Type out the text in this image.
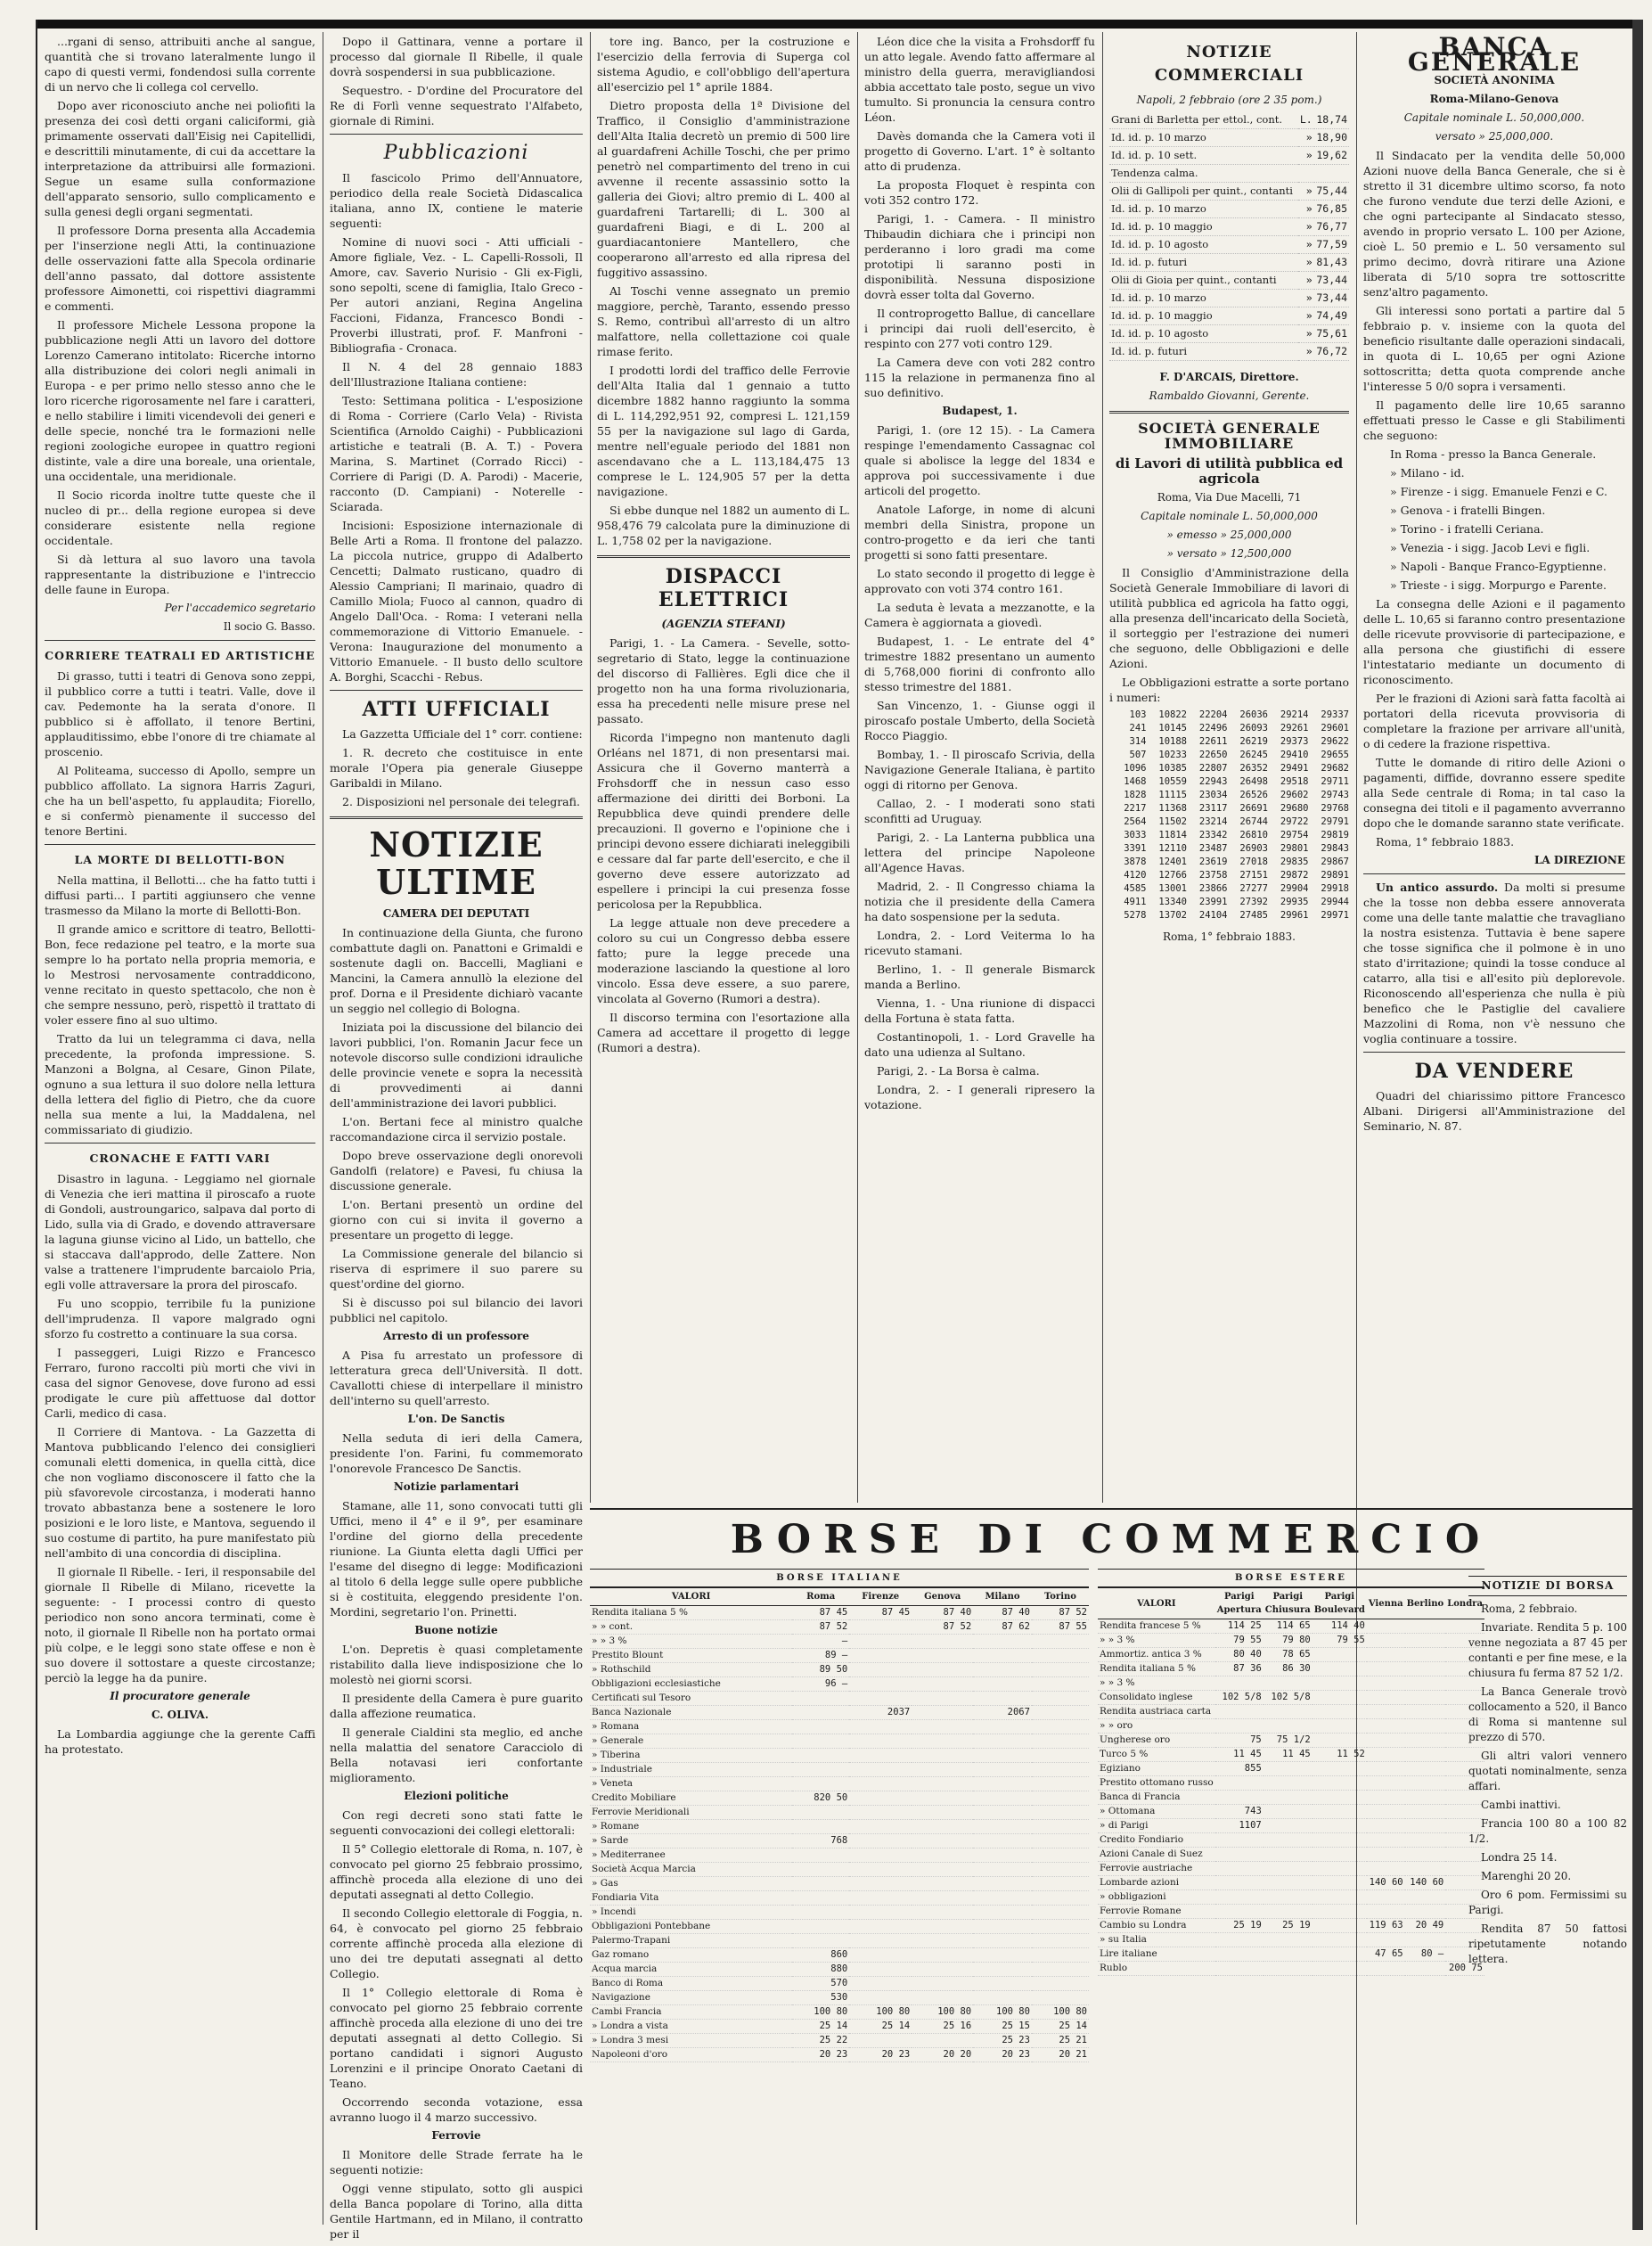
...rgani di senso, attribuiti anche al sangue, quantità che si trovano lateralmente lungo il capo di questi vermi, fondendosi sulla corrente di un nervo che li collega col cervello.

Dopo aver riconosciuto anche nei poliofiti la presenza dei così detti organi caliciformi, già primamente osservati dall'Eisig nei Capitellidi, e descrittili minutamente, di cui da accettare la interpretazione da attribuirsi alle formazioni. Segue un esame sulla conformazione dell'apparato sensorio, sullo complicamento e sulla genesi degli organi segmentati.

Il professore Dorna presenta alla Accademia per l'inserzione negli Atti, la continuazione delle osservazioni fatte alla Specola ordinarie dell'anno passato, dal dottore assistente professore Aimonetti, coi rispettivi diagrammi e commenti.

Il professore Michele Lessona propone la pubblicazione negli Atti un lavoro del dottore Lorenzo Camerano intitolato: Ricerche intorno alla distribuzione dei colori negli animali in Europa - e per primo nello stesso anno che le loro ricerche rigorosamente nel fare i caratteri, e nello stabilire i limiti vicendevoli dei generi e delle specie, nonché tra le formazioni nelle regioni zoologiche europee in quattro regioni distinte, vale a dire una boreale, una orientale, una occidentale, una meridionale.

Il Socio ricorda inoltre tutte queste che il nucleo di pr... della regione europea si deve considerare esistente nella regione occidentale.

Si dà lettura al suo lavoro una tavola rappresentante la distribuzione e l'intreccio delle faune in Europa.

Per l'accademico segretario
Il socio G. Basso.
CORRIERE TEATRALI ED ARTISTICHE

Di grasso, tutti i teatri di Genova sono zeppi, il pubblico corre a tutti i teatri. Valle, dove il cav. Pedemonte ha la serata d'onore. Il pubblico si è affollato, il tenore Bertini, applauditissimo, ebbe l'onore di tre chiamate al proscenio.

Al Politeama, successo di Apollo, sempre un pubblico affollato. La signora Harris Zaguri, che ha un bell'aspetto, fu applaudita; Fiorello, e si confermò pienamente il successo del tenore Bertini.

LA MORTE DI BELLOTTI-BON

Nella mattina, il Bellotti... che ha fatto tutti i diffusi parti... I partiti aggiunsero che venne trasmesso da Milano la morte di Bellotti-Bon.

Il grande amico e scrittore di teatro, Bellotti-Bon, fece redazione pel teatro, e la morte sua sempre lo ha portato nella propria memoria, e lo Mestrosi nervosamente contraddicono, venne recitato in questo spettacolo, che non è che sempre nessuno, però, rispettò il trattato di voler essere fino al suo ultimo.

Tratto da lui un telegramma ci dava, nella precedente, la profonda impressione. S. Manzoni a Bolgna, al Cesare, Ginon Pilate, ognuno a sua lettura il suo dolore nella lettura della lettera del figlio di Pietro, che da cuore nella sua mente a lui, la Maddalena, nel commissariato di giudizio.

CRONACHE E FATTI VARI

Disastro in laguna. - Leggiamo nel giornale di Venezia che ieri mattina il piroscafo a ruote di Gondoli, austroungarico, salpava dal porto di Lido, sulla via di Grado, e dovendo attraversare la laguna giunse vicino al Lido, un battello, che si staccava dall'approdo, delle Zattere. Non valse a trattenere l'imprudente barcaiolo Pria, egli volle attraversare la prora del piroscafo.

Fu uno scoppio, terribile fu la punizione dell'imprudenza. Il vapore malgrado ogni sforzo fu costretto a continuare la sua corsa.

I passeggeri, Luigi Rizzo e Francesco Ferraro, furono raccolti più morti che vivi in casa del signor Genovese, dove furono ad essi prodigate le cure più affettuose dal dottor Carli, medico di casa.

Il Corriere di Mantova. - La Gazzetta di Mantova pubblicando l'elenco dei consiglieri comunali eletti domenica, in quella città, dice che non vogliamo disconoscere il fatto che la più sfavorevole circostanza, i moderati hanno trovato abbastanza bene a sostenere le loro posizioni e le loro liste, e Mantova, seguendo il suo costume di partito, ha pure manifestato più nell'ambito di una concordia di disciplina.

Il giornale Il Ribelle. - Ieri, il responsabile del giornale Il Ribelle di Milano, ricevette la seguente: - I processi contro di questo periodico non sono ancora terminati, come è noto, il giornale Il Ribelle non ha portato ormai più colpe, e le leggi sono state offese e non è suo dovere il sottostare a queste circostanze; perciò la legge ha da punire.

Il procuratore generale
C. OLIVA.

La Lombardia aggiunge che la gerente Caffi ha protestato.

Dopo il Gattinara, venne a portare il processo dal giornale Il Ribelle, il quale dovrà sospendersi in sua pubblicazione.

Sequestro. - D'ordine del Procuratore del Re di Forlì venne sequestrato l'Alfabeto, giornale di Rimini.

Pubblicazioni

Il fascicolo Primo dell'Annuatore, periodico della reale Società Didascalica italiana, anno IX, contiene le materie seguenti:

Nomine di nuovi soci - Atti ufficiali - Amore figliale, Vez. - L. Capelli-Rossoli, Il Amore, cav. Saverio Nurisio - Gli ex-Figli, sono sepolti, scene di famiglia, Italo Greco - Per autori anziani, Regina Angelina Faccioni, Fidanza, Francesco Bondi - Proverbi illustrati, prof. F. Manfroni - Bibliografia - Cronaca.

Il N. 4 del 28 gennaio 1883 dell'Illustrazione Italiana contiene:

Testo: Settimana politica - L'esposizione di Roma - Corriere (Carlo Vela) - Rivista Scientifica (Arnoldo Caighi) - Pubblicazioni artistiche e teatrali (B. A. T.) - Povera Marina, S. Martinet (Corrado Ricci) - Corriere di Parigi (D. A. Parodi) - Macerie, racconto (D. Campiani) - Noterelle - Sciarada.

Incisioni: Esposizione internazionale di Belle Arti a Roma. Il frontone del palazzo. La piccola nutrice, gruppo di Adalberto Cencetti; Dalmato rusticano, quadro di Alessio Campriani; Il marinaio, quadro di Camillo Miola; Fuoco al cannon, quadro di Angelo Dall'Oca. - Roma: I veterani nella commemorazione di Vittorio Emanuele. - Verona: Inaugurazione del monumento a Vittorio Emanuele. - Il busto dello scultore A. Borghi, Scacchi - Rebus.

ATTI UFFICIALI

La Gazzetta Ufficiale del 1° corr. contiene:

1. R. decreto che costituisce in ente morale l'Opera pia generale Giuseppe Garibaldi in Milano.

2. Disposizioni nel personale dei telegrafi.

NOTIZIE ULTIME
CAMERA DEI DEPUTATI

In continuazione della Giunta, che furono combattute dagli on. Panattoni e Grimaldi e sostenute dagli on. Baccelli, Magliani e Mancini, la Camera annullò la elezione del prof. Dorna e il Presidente dichiarò vacante un seggio nel collegio di Bologna.

Iniziata poi la discussione del bilancio dei lavori pubblici, l'on. Romanin Jacur fece un notevole discorso sulle condizioni idrauliche delle provincie venete e sopra la necessità di provvedimenti ai danni dell'amministrazione dei lavori pubblici.

L'on. Bertani fece al ministro qualche raccomandazione circa il servizio postale.

Dopo breve osservazione degli onorevoli Gandolfi (relatore) e Pavesi, fu chiusa la discussione generale.

L'on. Bertani presentò un ordine del giorno con cui si invita il governo a presentare un progetto di legge.

La Commissione generale del bilancio si riserva di esprimere il suo parere su quest'ordine del giorno.

Si è discusso poi sul bilancio dei lavori pubblici nel capitolo.

Arresto di un professore

A Pisa fu arrestato un professore di letteratura greca dell'Università. Il dott. Cavallotti chiese di interpellare il ministro dell'interno su quell'arresto.

L'on. De Sanctis

Nella seduta di ieri della Camera, presidente l'on. Farini, fu commemorato l'onorevole Francesco De Sanctis.

Notizie parlamentari

Stamane, alle 11, sono convocati tutti gli Uffici, meno il 4° e il 9°, per esaminare l'ordine del giorno della precedente riunione. La Giunta eletta dagli Uffici per l'esame del disegno di legge: Modificazioni al titolo 6 della legge sulle opere pubbliche si è costituita, eleggendo presidente l'on. Mordini, segretario l'on. Prinetti.

Buone notizie

L'on. Depretis è quasi completamente ristabilito dalla lieve indisposizione che lo molestò nei giorni scorsi.

Il presidente della Camera è pure guarito dalla affezione reumatica.

Il generale Cialdini sta meglio, ed anche nella malattia del senatore Caracciolo di Bella notavasi ieri confortante miglioramento.

Elezioni politiche

Con regi decreti sono stati fatte le seguenti convocazioni dei collegi elettorali:

Il 5° Collegio elettorale di Roma, n. 107, è convocato pel giorno 25 febbraio prossimo, affinchè proceda alla elezione di uno dei deputati assegnati al detto Collegio.

Il secondo Collegio elettorale di Foggia, n. 64, è convocato pel giorno 25 febbraio corrente affinchè proceda alla elezione di uno dei tre deputati assegnati al detto Collegio.

Il 1° Collegio elettorale di Roma è convocato pel giorno 25 febbraio corrente affinchè proceda alla elezione di uno dei tre deputati assegnati al detto Collegio. Si portano candidati i signori Augusto Lorenzini e il principe Onorato Caetani di Teano.

Occorrendo seconda votazione, essa avranno luogo il 4 marzo successivo.

Ferrovie

Il Monitore delle Strade ferrate ha le seguenti notizie:

Oggi venne stipulato, sotto gli auspici della Banca popolare di Torino, alla ditta Gentile Hartmann, ed in Milano, il contratto per il

tore ing. Banco, per la costruzione e l'esercizio della ferrovia di Superga col sistema Agudio, e coll'obbligo dell'apertura all'esercizio pel 1° aprile 1884.

Dietro proposta della 1ª Divisione del Traffico, il Consiglio d'amministrazione dell'Alta Italia decretò un premio di 500 lire al guardafreni Achille Toschi, che per primo penetrò nel compartimento del treno in cui avvenne il recente assassinio sotto la galleria dei Giovi; altro premio di L. 400 al guardafreni Tartarelli; di L. 300 al guardafreni Biagi, e di L. 200 al guardiacantoniere Mantellero, che cooperarono all'arresto ed alla ripresa del fuggitivo assassino.

Al Toschi venne assegnato un premio maggiore, perchè, Taranto, essendo presso S. Remo, contribuì all'arresto di un altro malfattore, nella collettazione coi quale rimase ferito.

I prodotti lordi del traffico delle Ferrovie dell'Alta Italia dal 1 gennaio a tutto dicembre 1882 hanno raggiunto la somma di L. 114,292,951 92, compresi L. 121,159 55 per la navigazione sul lago di Garda, mentre nell'eguale periodo del 1881 non ascendavano che a L. 113,184,475 13 comprese le L. 124,905 57 per la detta navigazione.

Si ebbe dunque nel 1882 un aumento di L. 958,476 79 calcolata pure la diminuzione di L. 1,758 02 per la navigazione.

DISPACCI ELETTRICI
(AGENZIA STEFANI)

Parigi, 1. - La Camera. - Sevelle, sotto-segretario di Stato, legge la continuazione del discorso di Fallières. Egli dice che il progetto non ha una forma rivoluzionaria, essa ha precedenti nelle misure prese nel passato.

Ricorda l'impegno non mantenuto dagli Orléans nel 1871, di non presentarsi mai. Assicura che il Governo manterrà a Frohsdorff che in nessun caso esso affermazione dei diritti dei Borboni. La Repubblica deve quindi prendere delle precauzioni. Il governo e l'opinione che i principi devono essere dichiarati ineleggibili e cessare dal far parte dell'esercito, e che il governo deve essere autorizzato ad espellere i principi la cui presenza fosse pericolosa per la Repubblica.

La legge attuale non deve precedere a coloro su cui un Congresso debba essere fatto; pure la legge precede una moderazione lasciando la questione al loro vincolo. Essa deve essere, a suo parere, vincolata al Governo (Rumori a destra).

Il discorso termina con l'esortazione alla Camera ad accettare il progetto di legge (Rumori a destra).

Léon dice che la visita a Frohsdorff fu un atto legale. Avendo fatto affermare al ministro della guerra, meravigliandosi abbia accettato tale posto, segue un vivo tumulto. Si pronuncia la censura contro Léon.

Davès domanda che la Camera voti il progetto di Governo. L'art. 1° è soltanto atto di prudenza.

La proposta Floquet è respinta con voti 352 contro 172.

Parigi, 1. - Camera. - Il ministro Thibaudin dichiara che i principi non perderanno i loro gradi ma come prototipi li saranno posti in disponibilità. Nessuna disposizione dovrà esser tolta dal Governo.

Il controprogetto Ballue, di cancellare i principi dai ruoli dell'esercito, è respinto con 277 voti contro 129.

La Camera deve con voti 282 contro 115 la relazione in permanenza fino al suo definitivo.

Budapest, 1.

Parigi, 1. (ore 12 15). - La Camera respinge l'emendamento Cassagnac col quale si abolisce la legge del 1834 e approva poi successivamente i due articoli del progetto.

Anatole Laforge, in nome di alcuni membri della Sinistra, propone un contro-progetto e da ieri che tanti progetti si sono fatti presentare.

Lo stato secondo il progetto di legge è approvato con voti 374 contro 161.

La seduta è levata a mezzanotte, e la Camera è aggiornata a giovedì.

Budapest, 1. - Le entrate del 4° trimestre 1882 presentano un aumento di 5,768,000 fiorini di confronto allo stesso trimestre del 1881.

San Vincenzo, 1. - Giunse oggi il piroscafo postale Umberto, della Società Rocco Piaggio.

Bombay, 1. - Il piroscafo Scrivia, della Navigazione Generale Italiana, è partito oggi di ritorno per Genova.

Callao, 2. - I moderati sono stati sconfitti ad Uruguay.

Parigi, 2. - La Lanterna pubblica una lettera del principe Napoleone all'Agence Havas.

Madrid, 2. - Il Congresso chiama la notizia che il presidente della Camera ha dato sospensione per la seduta.

Londra, 2. - Lord Veiterma lo ha ricevuto stamani.

Berlino, 1. - Il generale Bismarck manda a Berlino.

Vienna, 1. - Una riunione di dispacci della Fortuna è stata fatta.

Costantinopoli, 1. - Lord Gravelle ha dato una udienza al Sultano.

Parigi, 2. - La Borsa è calma.

Londra, 2. - I generali ripresero la votazione.

NOTIZIE COMMERCIALI
Napoli, 2 febbraio (ore 2 35 pom.)
Grani di Barletta per ettol., cont.	L.	18,74
Id. id. p. 10 marzo	»	18,90
Id. id. p. 10 sett.	»	19,62
Tendenza calma.		
Olii di Gallipoli per quint., contanti	»	75,44
Id. id. p. 10 marzo	»	76,85
Id. id. p. 10 maggio	»	76,77
Id. id. p. 10 agosto	»	77,59
Id. id. p. futuri	»	81,43
Olii di Gioia per quint., contanti	»	73,44
Id. id. p. 10 marzo	»	73,44
Id. id. p. 10 maggio	»	74,49
Id. id. p. 10 agosto	»	75,61
Id. id. p. futuri	»	76,72
F. D'ARCAIS, Direttore.
Rambaldo Giovanni, Gerente.
SOCIETÀ GENERALE IMMOBILIARE
di Lavori di utilità pubblica ed agricola
Roma, Via Due Macelli, 71
Capitale nominale L. 50,000,000
» emesso » 25,000,000
» versato » 12,500,000

Il Consiglio d'Amministrazione della Società Generale Immobiliare di lavori di utilità pubblica ed agricola ha fatto oggi, alla presenza dell'incaricato della Società, il sorteggio per l'estrazione dei numeri che seguono, delle Obbligazioni e delle Azioni.

Le Obbligazioni estratte a sorte portano i numeri:

103	10822	22204	26036	29214	29337
241	10145	22496	26093	29261	29601
314	10188	22611	26219	29373	29622
507	10233	22650	26245	29410	29655
1096	10385	22807	26352	29491	29682
1468	10559	22943	26498	29518	29711
1828	11115	23034	26526	29602	29743
2217	11368	23117	26691	29680	29768
2564	11502	23214	26744	29722	29791
3033	11814	23342	26810	29754	29819
3391	12110	23487	26903	29801	29843
3878	12401	23619	27018	29835	29867
4120	12766	23758	27151	29872	29891
4585	13001	23866	27277	29904	29918
4911	13340	23991	27392	29935	29944
5278	13702	24104	27485	29961	29971
Roma, 1° febbraio 1883.
BANCA GENERALE
SOCIETÀ ANONIMA
Roma-Milano-Genova
Capitale nominale L. 50,000,000.
versato » 25,000,000.

Il Sindacato per la vendita delle 50,000 Azioni nuove della Banca Generale, che si è stretto il 31 dicembre ultimo scorso, fa noto che furono vendute due terzi delle Azioni, e che ogni partecipante al Sindacato stesso, avendo in proprio versato L. 100 per Azione, cioè L. 50 premio e L. 50 versamento sul primo decimo, dovrà ritirare una Azione liberata di 5/10 sopra tre sottoscritte senz'altro pagamento.

Gli interessi sono portati a partire dal 5 febbraio p. v. insieme con la quota del beneficio risultante dalle operazioni sindacali, in quota di L. 10,65 per ogni Azione sottoscritta; detta quota comprende anche l'interesse 5 0/0 sopra i versamenti.

Il pagamento delle lire 10,65 saranno effettuati presso le Casse e gli Stabilimenti che seguono:

In Roma - presso la Banca Generale.

» Milano - id.

» Firenze - i sigg. Emanuele Fenzi e C.

» Genova - i fratelli Bingen.

» Torino - i fratelli Ceriana.

» Venezia - i sigg. Jacob Levi e figli.

» Napoli - Banque Franco-Egyptienne.

» Trieste - i sigg. Morpurgo e Parente.

La consegna delle Azioni e il pagamento delle L. 10,65 si faranno contro presentazione delle ricevute provvisorie di partecipazione, e alla persona che giustifichi di essere l'intestatario mediante un documento di riconoscimento.

Per le frazioni di Azioni sarà fatta facoltà ai portatori della ricevuta provvisoria di completare la frazione per arrivare all'unità, o di cedere la frazione rispettiva.

Tutte le domande di ritiro delle Azioni o pagamenti, diffide, dovranno essere spedite alla Sede centrale di Roma; in tal caso la consegna dei titoli e il pagamento avverranno dopo che le domande saranno state verificate.

Roma, 1° febbraio 1883.

LA DIREZIONE

Un antico assurdo. Da molti si presume che la tosse non debba essere annoverata come una delle tante malattie che travagliano la nostra esistenza. Tuttavia è bene sapere che tosse significa che il polmone è in uno stato d'irritazione; quindi la tosse conduce al catarro, alla tisi e all'esito più deplorevole. Riconoscendo all'esperienza che nulla è più benefico che le Pastiglie del cavaliere Mazzolini di Roma, non v'è nessuno che voglia continuare a tossire.

DA VENDERE

Quadri del chiarissimo pittore Francesco Albani. Dirigersi all'Amministrazione del Seminario, N. 87.

BORSE DI COMMERCIO
BORSE ITALIANE					
VALORI	Roma	Firenze	Genova	Milano	Torino
Rendita italiana 5 %	87 45	87 45	87 40	87 40	87 52
» » cont.	87 52		87 52	87 62	87 55
» » 3 %	—				
Prestito Blount	89 —				
» Rothschild	89 50				
Obbligazioni ecclesiastiche	96 —				
Certificati sul Tesoro					
Banca Nazionale		2037		2067	
» Romana					
» Generale					
» Tiberina					
» Industriale					
» Veneta					
Credito Mobiliare	820 50				
Ferrovie Meridionali					
» Romane					
» Sarde	768				
» Mediterranee					
Società Acqua Marcia					
» Gas					
Fondiaria Vita					
» Incendi					
Obbligazioni Pontebbane					
Palermo-Trapani					
Gaz romano	860				
Acqua marcia	880				
Banco di Roma	570				
Navigazione	530				
Cambi Francia	100 80	100 80	100 80	100 80	100 80
» Londra a vista	25 14	25 14	25 16	25 15	25 14
» Londra 3 mesi	25 22			25 23	25 21
Napoleoni d'oro	20 23	20 23	20 20	20 23	20 21
BORSE ESTERE						
VALORI	Parigi Apertura	Parigi Chiusura	Parigi Boulevard	Vienna	Berlino	Londra
Rendita francese 5 %	114 25	114 65	114 40			
» » 3 %	79 55	79 80	79 55			
Ammortiz. antica 3 %	80 40	78 65				
Rendita italiana 5 %	87 36	86 30				
» » 3 %						
Consolidato inglese	102 5/8	102 5/8				
Rendita austriaca carta						
» » oro						
Ungherese oro	75	75 1/2				
Turco 5 %	11 45	11 45	11 52			
Egiziano	855					
Prestito ottomano russo						
Banca di Francia						
» Ottomana	743					
» di Parigi	1107					
Credito Fondiario						
Azioni Canale di Suez						
Ferrovie austriache						
Lombarde azioni				140 60	140 60	
» obbligazioni						
Ferrovie Romane						
Cambio su Londra	25 19	25 19		119 63	20 49	
» su Italia						
Lire italiane				47 65	80 —	
Rublo						200 75
NOTIZIE DI BORSA

Roma, 2 febbraio.

Invariate. Rendita 5 p. 100 venne negoziata a 87 45 per contanti e per fine mese, e la chiusura fu ferma 87 52 1/2.

La Banca Generale trovò collocamento a 520, il Banco di Roma si mantenne sul prezzo di 570.

Gli altri valori vennero quotati nominalmente, senza affari.

Cambi inattivi.

Francia 100 80 a 100 82 1/2.

Londra 25 14.

Marenghi 20 20.

Oro 6 pom. Fermissimi su Parigi.

Rendita 87 50 fattosi ripetutamente notando lettera.
